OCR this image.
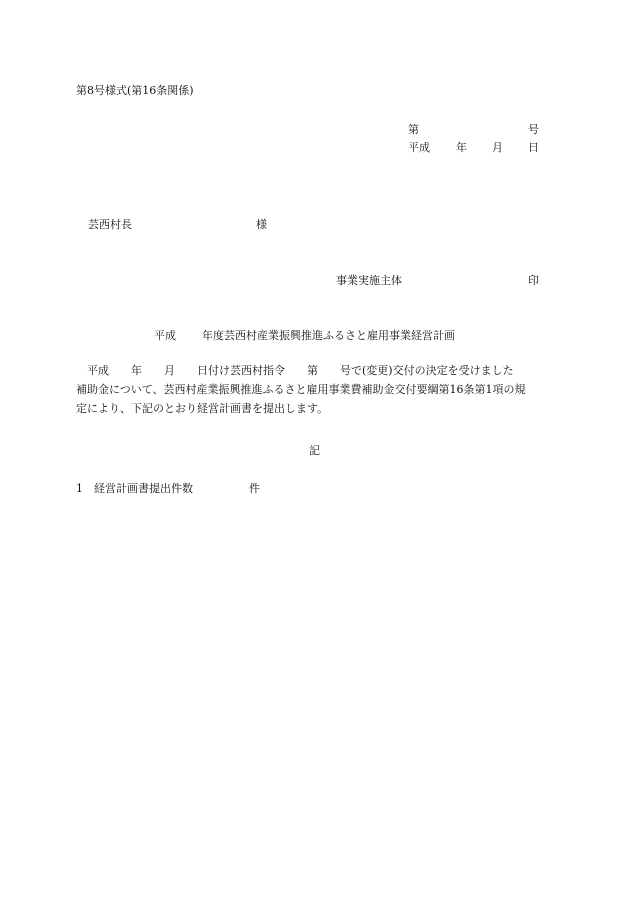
第8号様式(第16条関係)
第	号
平成 年 月 日
芸西村長	様
事業実施主体	印
平成 年度芸西村産業振興推進ふるさと雇用事業経営計画
　平成　　年　　月　　日付け芸西村指令　　第　　号で(変更)交付の決定を受けました
補助金について、芸西村産業振興推進ふるさと雇用事業費補助金交付要綱第16条第1項の規
定により、下記のとおり経営計画書を提出します。
記
1 経営計画書提出件数	件
